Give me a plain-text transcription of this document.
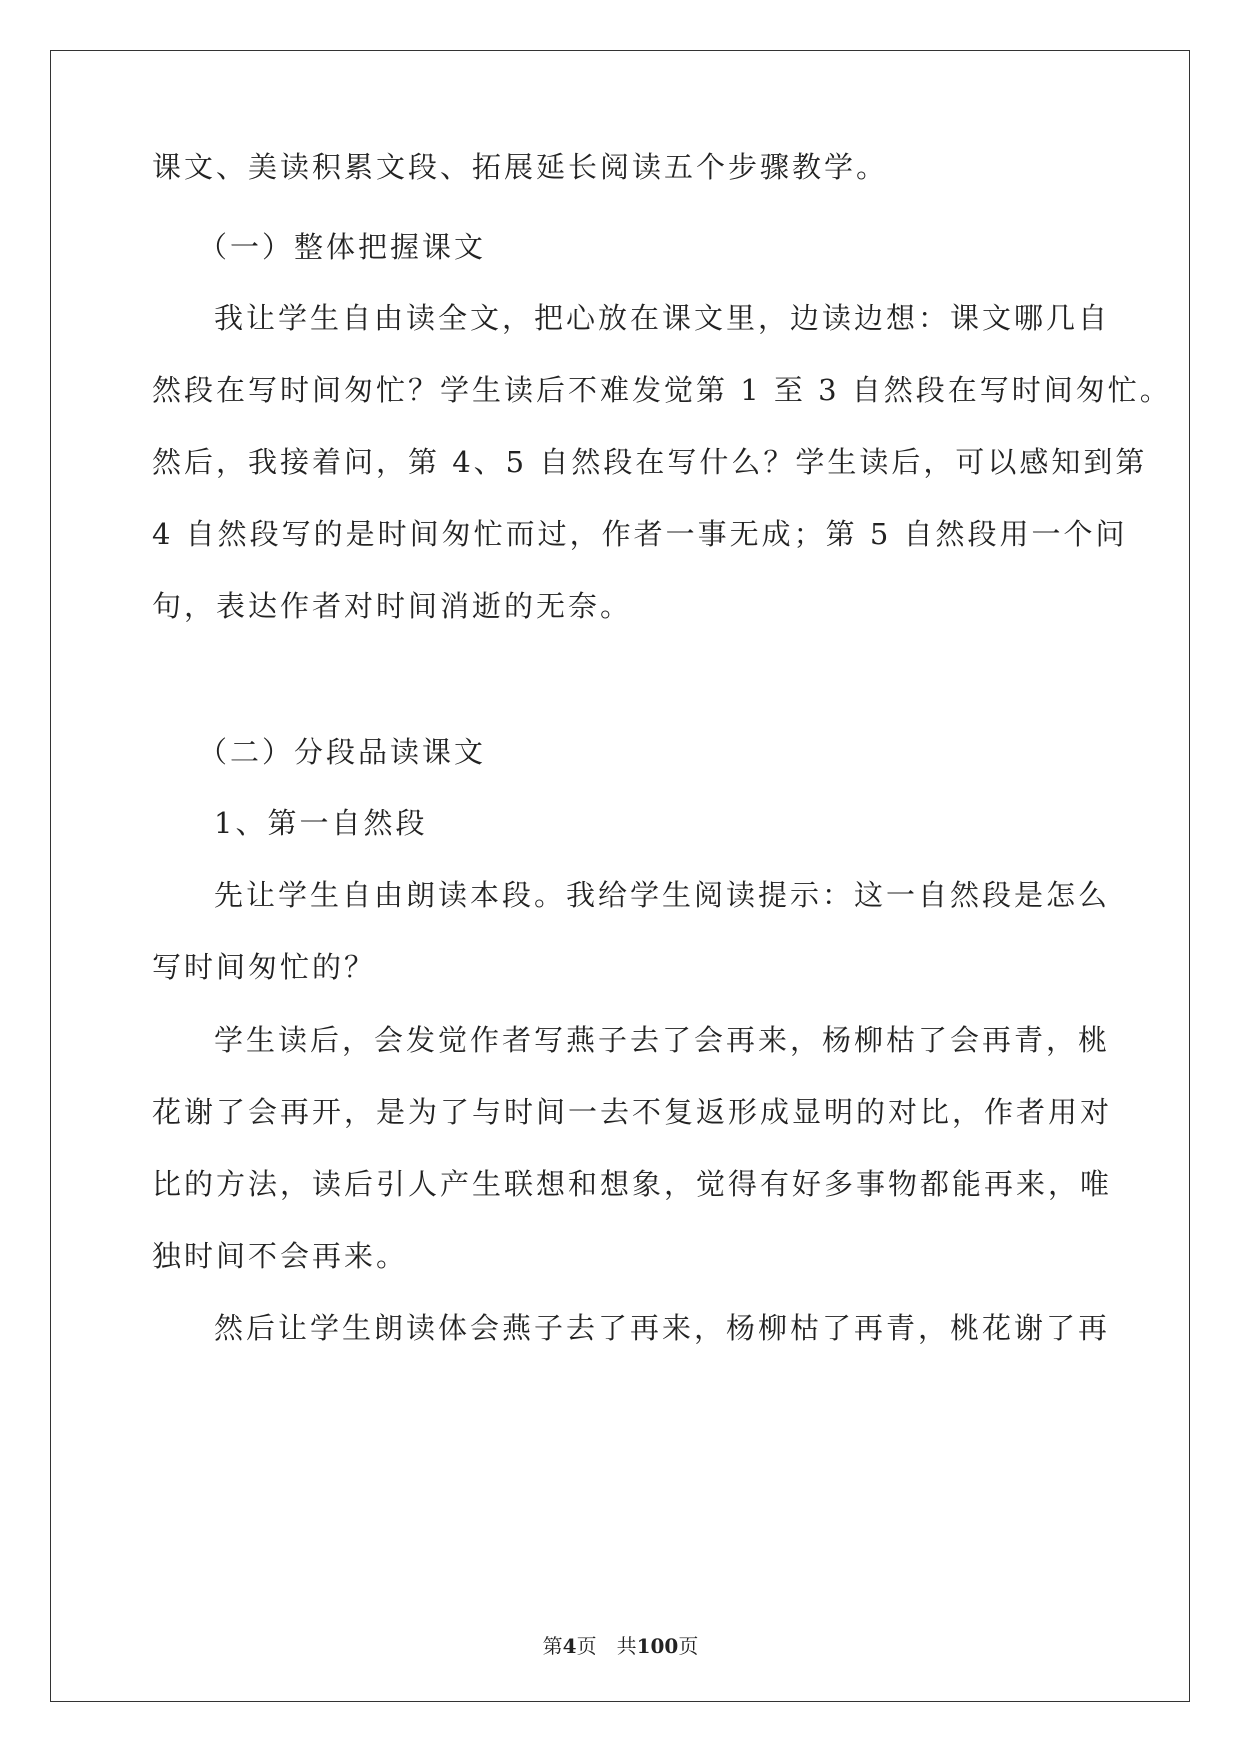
课文、美读积累文段、拓展延长阅读五个步骤教学。
（一）整体把握课文
我让学生自由读全文，把心放在课文里，边读边想：课文哪几自
然段在写时间匆忙？学生读后不难发觉第 1 至 3 自然段在写时间匆忙。
然后，我接着问，第 4、5 自然段在写什么？学生读后，可以感知到第
4 自然段写的是时间匆忙而过，作者一事无成；第 5 自然段用一个问
句，表达作者对时间消逝的无奈。
（二）分段品读课文
1、第一自然段
先让学生自由朗读本段。我给学生阅读提示：这一自然段是怎么
写时间匆忙的？
学生读后，会发觉作者写燕子去了会再来，杨柳枯了会再青，桃
花谢了会再开，是为了与时间一去不复返形成显明的对比，作者用对
比的方法，读后引人产生联想和想象，觉得有好多事物都能再来，唯
独时间不会再来。
然后让学生朗读体会燕子去了再来，杨柳枯了再青，桃花谢了再
第4页　共100页
